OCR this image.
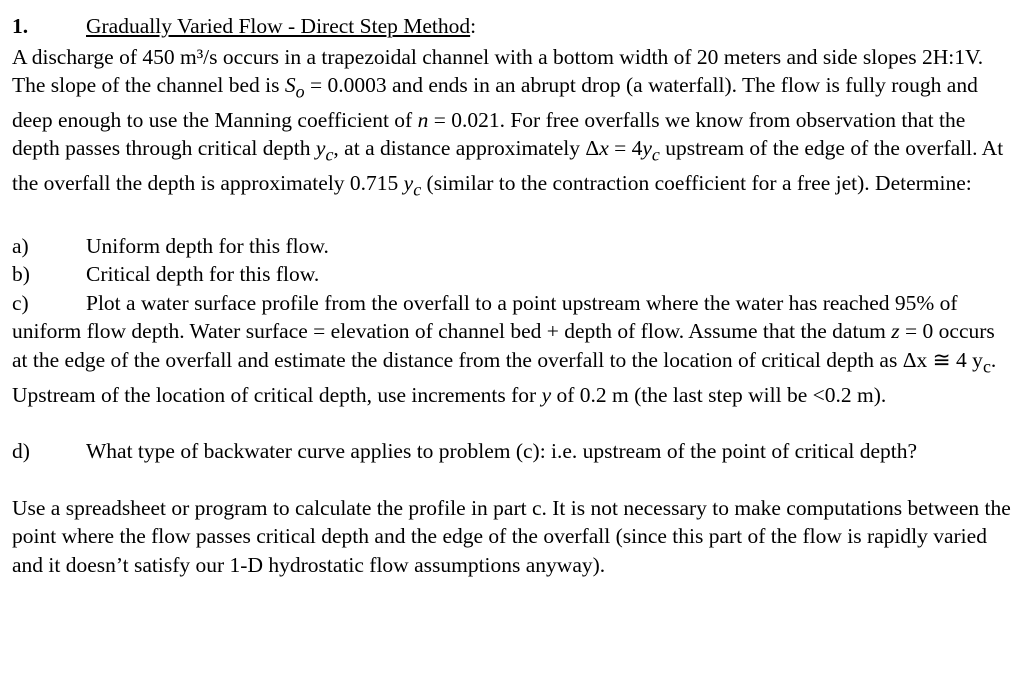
1.	Gradually Varied Flow - Direct Step Method :

A discharge of 450 m³/s occurs in a trapezoidal channel with a bottom width of 20 meters and side slopes 2H:1V. The slope of the channel bed is $S_o = 0.0003$ and ends in an abrupt drop (a waterfall). The flow is fully rough and deep enough to use the Manning coefficient of n = 0.021. For free overfalls we know from observation that the depth passes through critical depth $y_c$, at a distance approximately $\Delta x = 4y_c$ upstream of the edge of the overfall. At the overfall the depth is approximately 0.715 $y_c$ (similar to the contraction coefficient for a free jet). Determine:

a)	Uniform depth for this flow.
b)	Critical depth for this flow.

c)	Plot a water surface profile from the overfall to a point upstream where the water has reached 95% of uniform flow depth. Water surface = elevation of channel bed + depth of flow. Assume that the datum z = 0 occurs at the edge of the overfall and estimate the distance from the overfall to the location of critical depth as Δx ≅ 4 $y_c$. Upstream of the location of critical depth, use increments for y of 0.2 m (the last step will be <0.2 m).

d)	What type of backwater curve applies to problem (c): i.e. upstream of the point of critical depth?

Use a spreadsheet or program to calculate the profile in part c. It is not necessary to make computations between the point where the flow passes critical depth and the edge of the overfall (since this part of the flow is rapidly varied and it doesn’t satisfy our 1-D hydrostatic flow assumptions anyway).
